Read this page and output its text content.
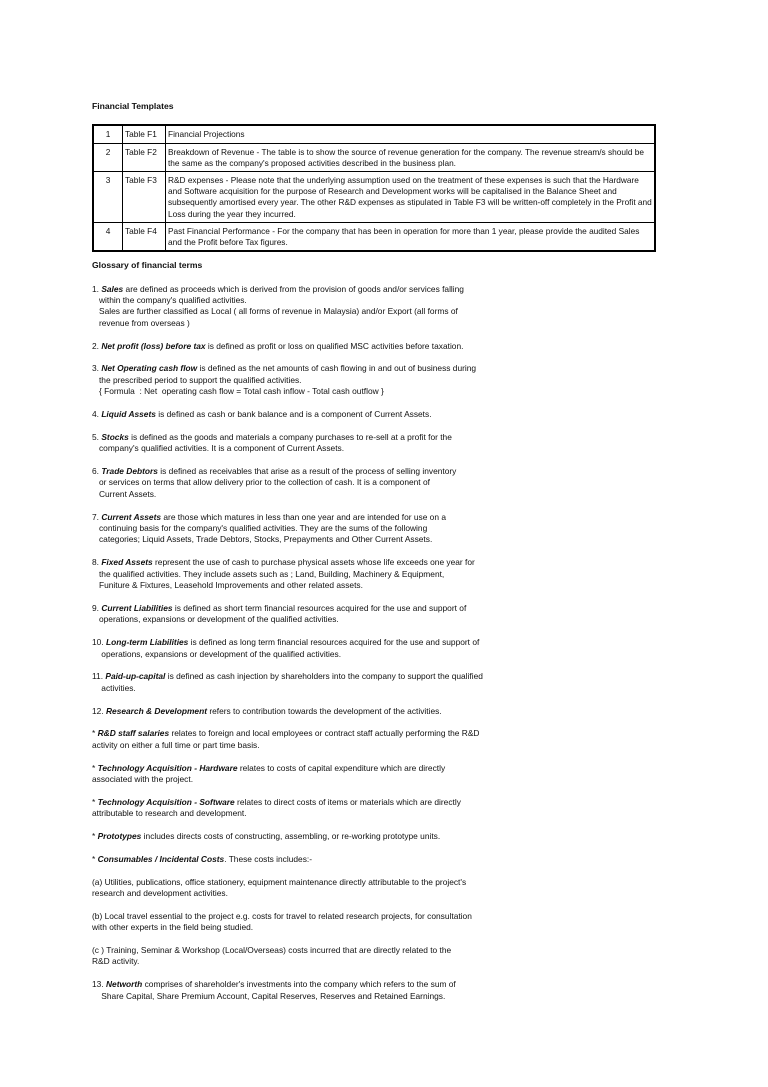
Financial Templates
1	Table F1	Financial Projections
2	Table F2	Breakdown of Revenue - The table is to show the source of revenue generation for the company. The revenue stream/s should be the same as the company's proposed activities described in the business plan.
3	Table F3	R&D expenses - Please note that the underlying assumption used on the treatment of these expenses is such that the Hardware and Software acquisition for the purpose of Research and Development works will be capitalised in the Balance Sheet and subsequently amortised every year. The other R&D expenses as stipulated in Table F3 will be written-off completely in the Profit and Loss during the year they incurred.
4	Table F4	Past Financial Performance - For the company that has been in operation for more than 1 year, please provide the audited Sales and the Profit before Tax figures.
Glossary of financial terms

1. Sales are defined as proceeds which is derived from the provision of goods and/or services falling

within the company's qualified activities.

Sales are further classified as Local ( all forms of revenue in Malaysia) and/or Export (all forms of

revenue from overseas )

2. Net profit (loss) before tax is defined as profit or loss on qualified MSC activities before taxation.

3. Net Operating cash flow is defined as the net amounts of cash flowing in and out of business during

the prescribed period to support the qualified activities.

{ Formula  : Net  operating cash flow = Total cash inflow - Total cash outflow }

4. Liquid Assets is defined as cash or bank balance and is a component of Current Assets.

5. Stocks is defined as the goods and materials a company purchases to re-sell at a profit for the

company's qualified activities. It is a component of Current Assets.

6. Trade Debtors is defined as receivables that arise as a result of the process of selling inventory

or services on terms that allow delivery prior to the collection of cash. It is a component of

Current Assets.

7. Current Assets are those which matures in less than one year and are intended for use on a

continuing basis for the company's qualified activities. They are the sums of the following

categories; Liquid Assets, Trade Debtors, Stocks, Prepayments and Other Current Assets.

8. Fixed Assets represent the use of cash to purchase physical assets whose life exceeds one year for

the qualified activities. They include assets such as ; Land, Building, Machinery & Equipment,

Funiture & Fixtures, Leasehold Improvements and other related assets.

9. Current Liabilities is defined as short term financial resources acquired for the use and support of

operations, expansions or development of the qualified activities.

10. Long-term Liabilities is defined as long term financial resources acquired for the use and support of

operations, expansions or development of the qualified activities.

11. Paid-up-capital is defined as cash injection by shareholders into the company to support the qualified

activities.

12. Research & Development refers to contribution towards the development of the activities.

* R&D staff salaries relates to foreign and local employees or contract staff actually performing the R&D

activity on either a full time or part time basis.

* Technology Acquisition - Hardware relates to costs of capital expenditure which are directly

associated with the project.

* Technology Acquisition - Software relates to direct costs of items or materials which are directly

attributable to research and development.

* Prototypes includes directs costs of constructing, assembling, or re-working prototype units.

* Consumables / Incidental Costs. These costs includes:-

(a) Utilities, publications, office stationery, equipment maintenance directly attributable to the project's

research and development activities.

(b) Local travel essential to the project e.g. costs for travel to related research projects, for consultation

with other experts in the field being studied.

(c ) Training, Seminar & Workshop (Local/Overseas) costs incurred that are directly related to the

R&D activity.

13. Networth comprises of shareholder's investments into the company which refers to the sum of

Share Capital, Share Premium Account, Capital Reserves, Reserves and Retained Earnings.
